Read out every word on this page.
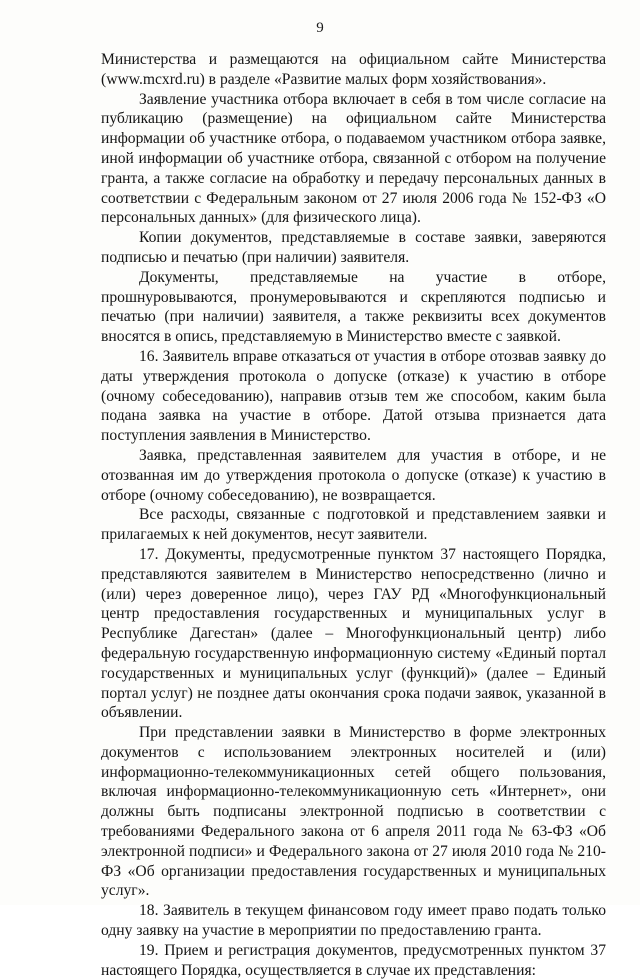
9

Министерства и размещаются на официальном сайте Министерства (www.mcxrd.ru) в разделе «Развитие малых форм хозяйствования».

Заявление участника отбора включает в себя в том числе согласие на публикацию (размещение) на официальном сайте Министерства информации об участнике отбора, о подаваемом участником отбора заявке, иной информации об участнике отбора, связанной с отбором на получение гранта, а также согласие на обработку и передачу персональных данных в соответствии с Федеральным законом от 27 июля 2006 года № 152-ФЗ «О персональных данных» (для физического лица).

Копии документов, представляемые в составе заявки, заверяются подписью и печатью (при наличии) заявителя.

Документы, представляемые на участие в отборе, прошнуровываются, пронумеровываются и скрепляются подписью и печатью (при наличии) заявителя, а также реквизиты всех документов вносятся в опись, представляемую в Министерство вместе с заявкой.

16. Заявитель вправе отказаться от участия в отборе отозвав заявку до даты утверждения протокола о допуске (отказе) к участию в отборе (очному собеседованию), направив отзыв тем же способом, каким была подана заявка на участие в отборе. Датой отзыва признается дата поступления заявления в Министерство.

Заявка, представленная заявителем для участия в отборе, и не отозванная им до утверждения протокола о допуске (отказе) к участию в отборе (очному собеседованию), не возвращается.

Все расходы, связанные с подготовкой и представлением заявки и прилагаемых к ней документов, несут заявители.

17. Документы, предусмотренные пунктом 37 настоящего Порядка, представляются заявителем в Министерство непосредственно (лично и (или) через доверенное лицо), через ГАУ РД «Многофункциональный центр предоставления государственных и муниципальных услуг в Республике Дагестан» (далее – Многофункциональный центр) либо федеральную государственную информационную систему «Единый портал государственных и муниципальных услуг (функций)» (далее – Единый портал услуг) не позднее даты окончания срока подачи заявок, указанной в объявлении.

При представлении заявки в Министерство в форме электронных документов с использованием электронных носителей и (или) информационно-телекоммуникационных сетей общего пользования, включая информационно-телекоммуникационную сеть «Интернет», они должны быть подписаны электронной подписью в соответствии с требованиями Федерального закона от 6 апреля 2011 года № 63-ФЗ «Об электронной подписи» и Федерального закона от 27 июля 2010 года № 210-ФЗ «Об организации предоставления государственных и муниципальных услуг».

18. Заявитель в текущем финансовом году имеет право подать только одну заявку на участие в мероприятии по предоставлению гранта.

19. Прием и регистрация документов, предусмотренных пунктом 37 настоящего Порядка, осуществляется в случае их представления:
